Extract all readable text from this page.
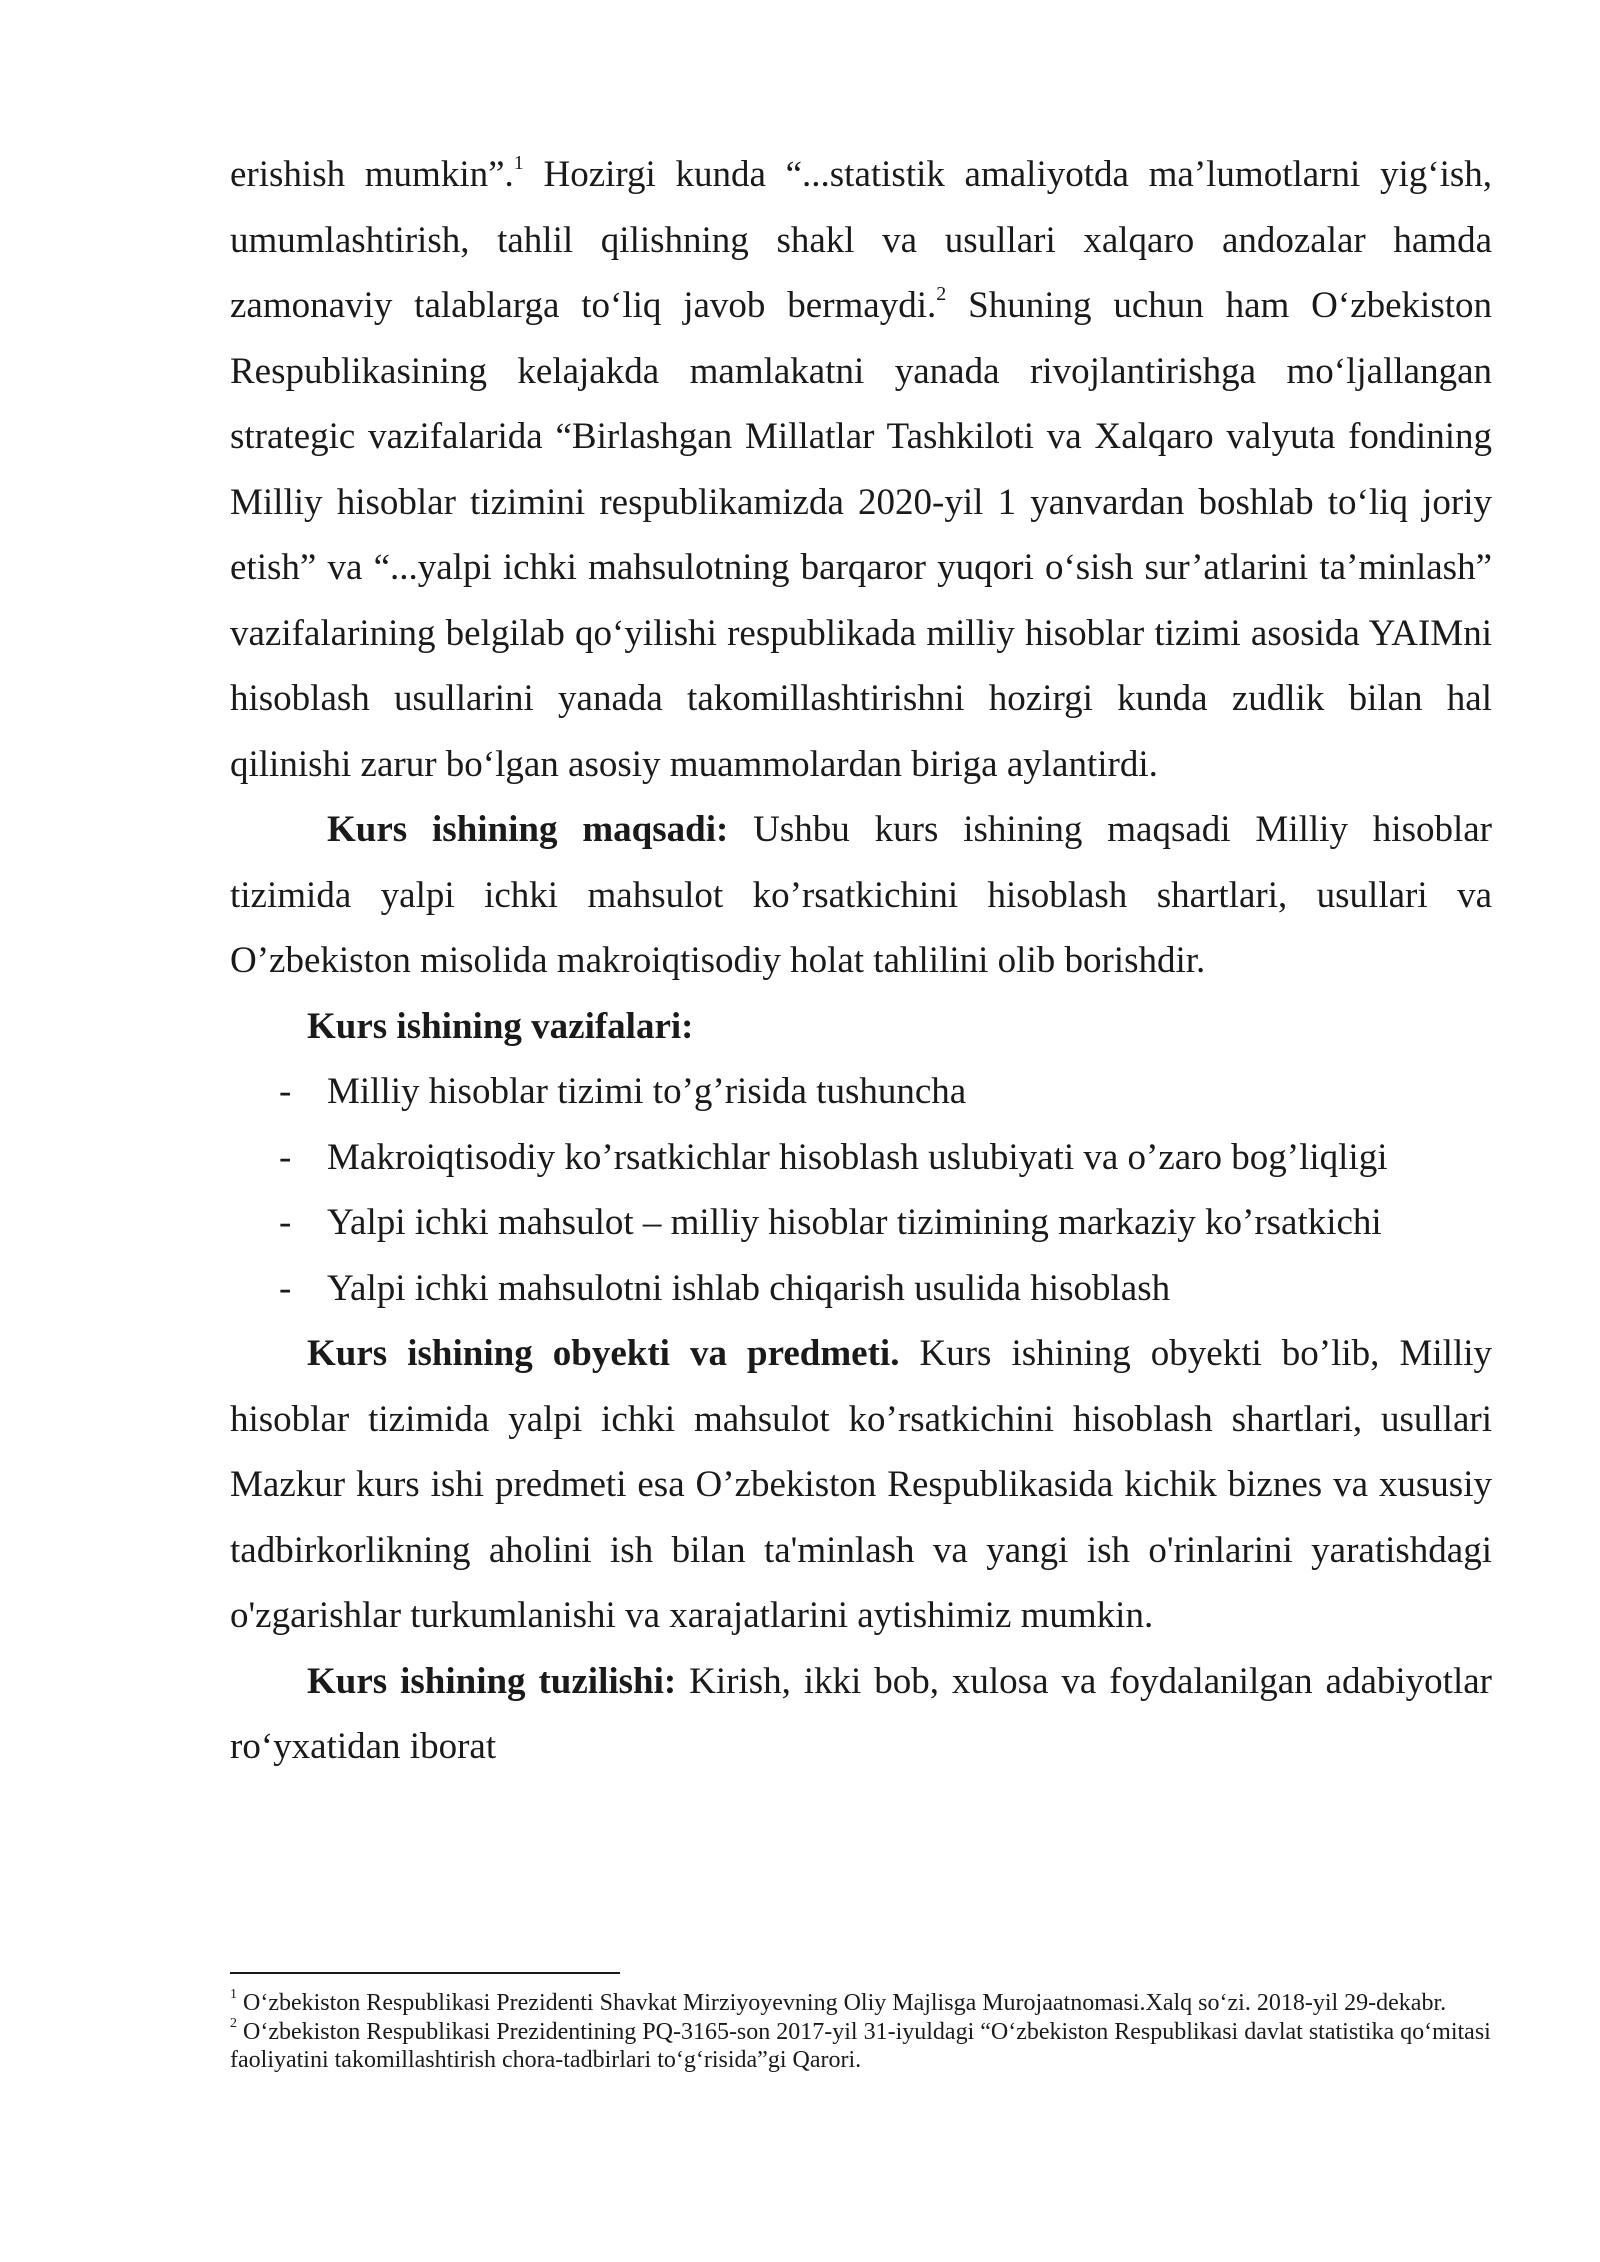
erishish mumkin”.$^1$ Hozirgi kunda “...statistik amaliyotda ma’lumotlarni yig‘ish, umumlashtirish, tahlil qilishning shakl va usullari xalqaro andozalar hamda zamonaviy talablarga to‘liq javob bermaydi.$^2$ Shuning uchun ham O‘zbekiston Respublikasining kelajakda mamlakatni yanada rivojlantirishga mo‘ljallangan strategic vazifalarida “Birlashgan Millatlar Tashkiloti va Xalqaro valyuta fondining Milliy hisoblar tizimini respublikamizda 2020-yil 1 yanvardan boshlab to‘liq joriy etish” va “...yalpi ichki mahsulotning barqaror yuqori o‘sish sur’atlarini ta’minlash” vazifalarining belgilab qo‘yilishi respublikada milliy hisoblar tizimi asosida YAIMni hisoblash usullarini yanada takomillashtirishni hozirgi kunda zudlik bilan hal qilinishi zarur bo‘lgan asosiy muammolardan biriga aylantirdi.

Kurs ishining maqsadi: Ushbu kurs ishining maqsadi Milliy hisoblar tizimida yalpi ichki mahsulot ko’rsatkichini hisoblash shartlari, usullari va O’zbekiston misolida makroiqtisodiy holat tahlilini olib borishdir.

Kurs ishining vazifalari:

- Milliy hisoblar tizimi to’g’risida tushuncha
- Makroiqtisodiy ko’rsatkichlar hisoblash uslubiyati va o’zaro bog’liqligi
- Yalpi ichki mahsulot – milliy hisoblar tizimining markaziy ko’rsatkichi
- Yalpi ichki mahsulotni ishlab chiqarish usulida hisoblash

Kurs ishining obyekti va predmeti. Kurs ishining obyekti bo’lib, Milliy hisoblar tizimida yalpi ichki mahsulot ko’rsatkichini hisoblash shartlari, usullari Mazkur kurs ishi predmeti esa O’zbekiston Respublikasida kichik biznes va xususiy tadbirkorlikning aholini ish bilan ta'minlash va yangi ish o'rinlarini yaratishdagi o'zgarishlar turkumlanishi va xarajatlarini aytishimiz mumkin.

Kurs ishining tuzilishi: Kirish, ikki bob, xulosa va foydalanilgan adabiyotlar ro‘yxatidan iborat

$^1$ O‘zbekiston Respublikasi Prezidenti Shavkat Mirziyoyevning Oliy Majlisga Murojaatnomasi.Xalq so‘zi. 2018-yil 29-dekabr.

$^2$ O‘zbekiston Respublikasi Prezidentining PQ-3165-son 2017-yil 31-iyuldagi “O‘zbekiston Respublikasi davlat statistika qo‘mitasi faoliyatini takomillashtirish chora-tadbirlari to‘g‘risida”gi Qarori.
